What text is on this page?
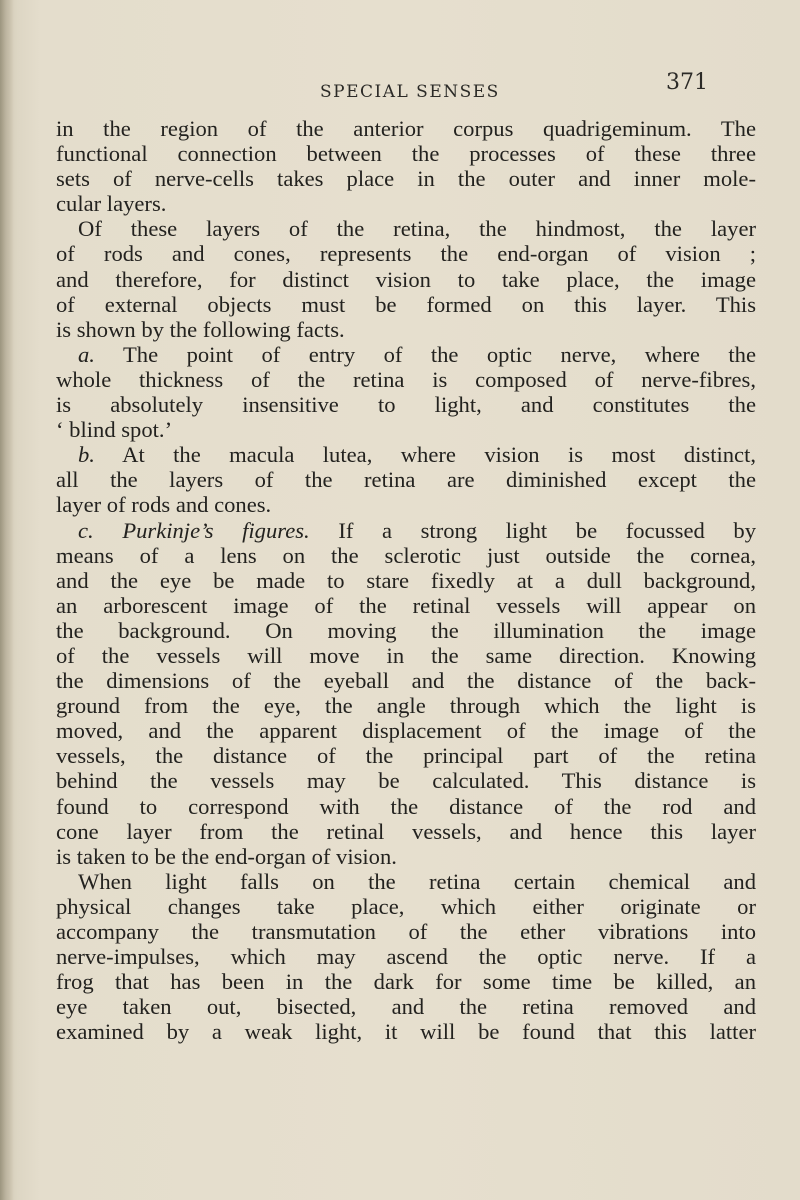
SPECIAL SENSES	371
in the region of the anterior corpus quadrigeminum. The
functional connection between the processes of these three
sets of nerve-cells takes place in the outer and inner mole-
cular layers.
Of these layers of the retina, the hindmost, the layer
of rods and cones, represents the end-organ of vision ;
and therefore, for distinct vision to take place, the image
of external objects must be formed on this layer. This
is shown by the following facts.
a. The point of entry of the optic nerve, where the
whole thickness of the retina is composed of nerve-fibres,
is absolutely insensitive to light, and constitutes the
‘ blind spot.’
b. At the macula lutea, where vision is most distinct,
all the layers of the retina are diminished except the
layer of rods and cones.
c. Purkinje’s figures. If a strong light be focussed by
means of a lens on the sclerotic just outside the cornea,
and the eye be made to stare fixedly at a dull background,
an arborescent image of the retinal vessels will appear on
the background. On moving the illumination the image
of the vessels will move in the same direction. Knowing
the dimensions of the eyeball and the distance of the back-
ground from the eye, the angle through which the light is
moved, and the apparent displacement of the image of the
vessels, the distance of the principal part of the retina
behind the vessels may be calculated. This distance is
found to correspond with the distance of the rod and
cone layer from the retinal vessels, and hence this layer
is taken to be the end-organ of vision.
When light falls on the retina certain chemical and
physical changes take place, which either originate or
accompany the transmutation of the ether vibrations into
nerve-impulses, which may ascend the optic nerve. If a
frog that has been in the dark for some time be killed, an
eye taken out, bisected, and the retina removed and
examined by a weak light, it will be found that this latter
